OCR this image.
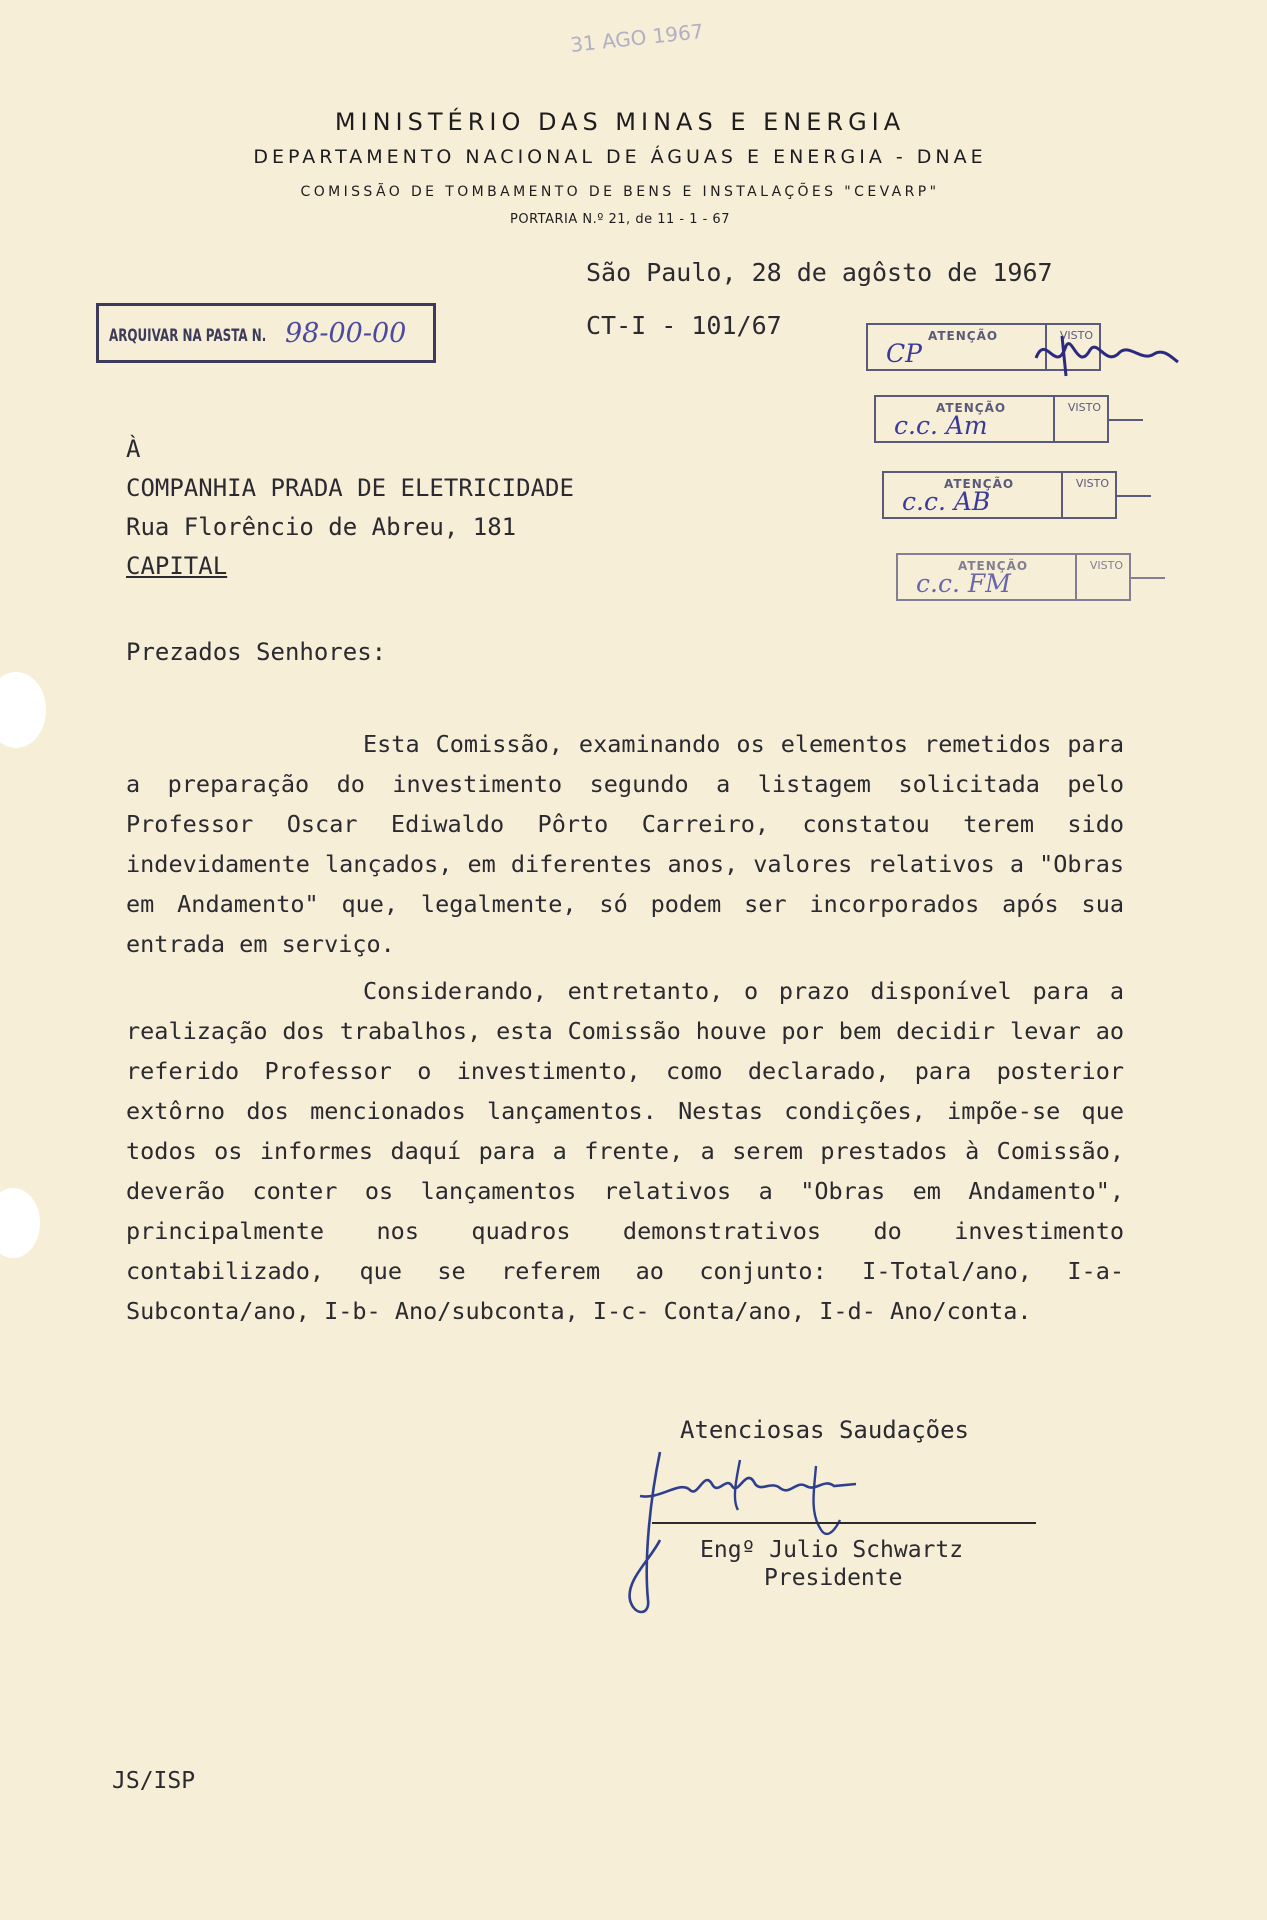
31 AGO 1967
MINISTÉRIO DAS MINAS E ENERGIA
DEPARTAMENTO NACIONAL DE ÁGUAS E ENERGIA - DNAE
COMISSÃO DE TOMBAMENTO DE BENS E INSTALAÇÕES "CEVARP"
PORTARIA N.º 21, de 11 - 1 - 67
São Paulo, 28 de agôsto de 1967
CT-I - 101/67
ARQUIVAR NA PASTA N. 98-00-00	ATENÇÃO	VISTO
CP
ATENÇÃO	VISTO
c.c. Am
ATENÇÃO	VISTO
c.c. AB
ATENÇÃO	VISTO
c.c. FM
À
COMPANHIA PRADA DE ELETRICIDADE
Rua Florêncio de Abreu, 181
CAPITAL
Prezados Senhores:
Esta Comissão, examinando os elementos remetidos para a preparação do investimento segundo a listagem solicitada pelo Professor Oscar Ediwaldo Pôrto Carreiro, constatou terem sido indevidamente lançados, em diferentes anos, valores relativos a "Obras em Andamento" que, legalmente, só podem ser incorporados após sua entrada em serviço.
Considerando, entretanto, o prazo disponível para a realização dos trabalhos, esta Comissão houve por bem decidir levar ao referido Professor o investimento, como declarado, para posterior extôrno dos mencionados lançamentos. Nestas condições, impõe-se que todos os informes daquí para a frente, a serem prestados à Comissão, deverão conter os lançamentos relativos a "Obras em Andamento", principalmente nos quadros demonstrativos do investimento contabilizado, que se referem ao conjunto: I-Total/ano, I-a- Subconta/ano, I-b- Ano/subconta, I-c- Conta/ano, I-d- Ano/conta.
Atenciosas Saudações
Engº Julio Schwartz
Presidente
JS/ISP
